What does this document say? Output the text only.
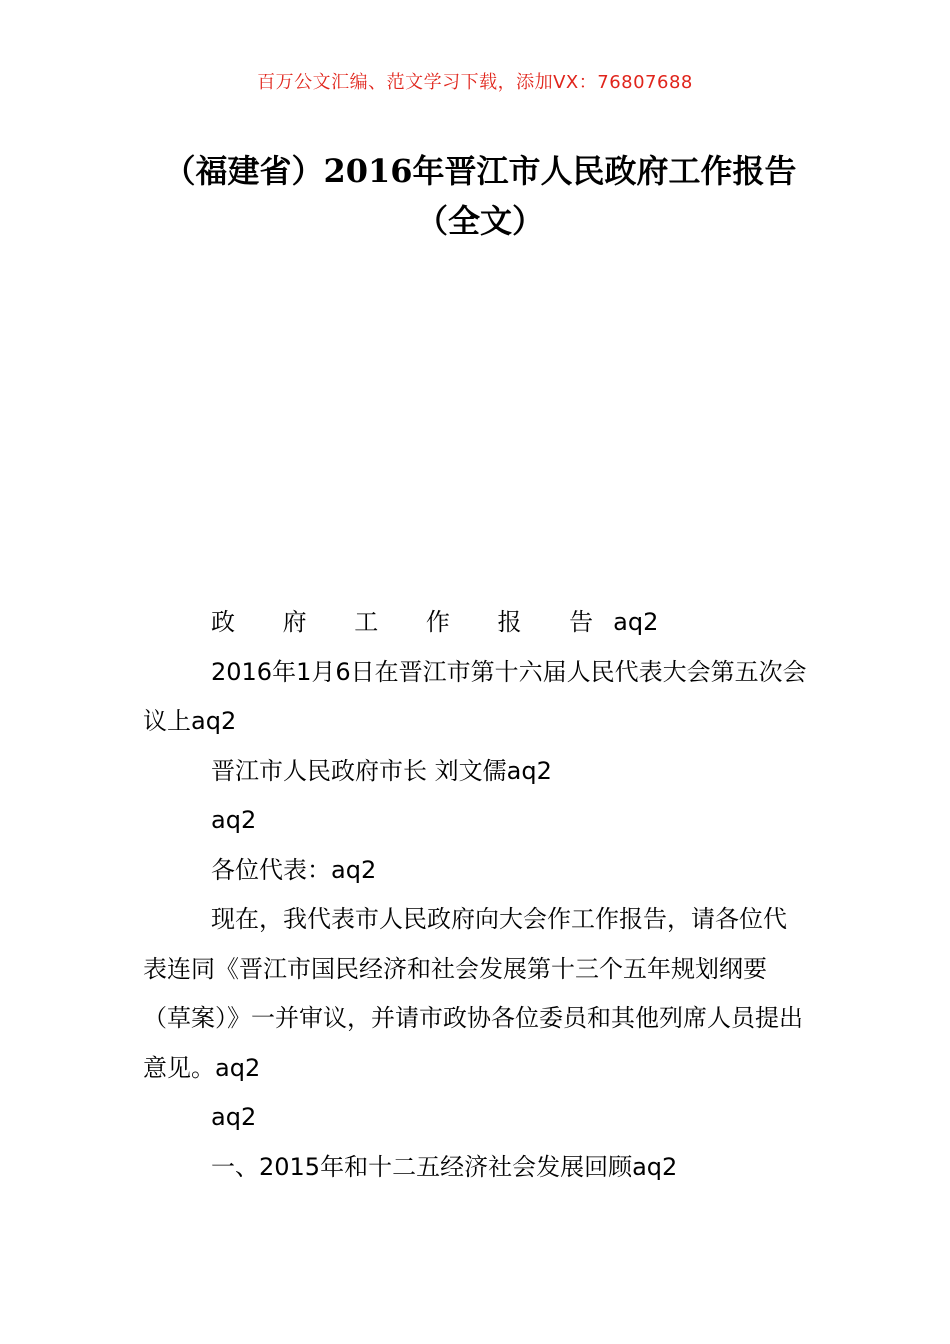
百万公文汇编、范文学习下载，添加VX：76807688
（福建省）2016年晋江市人民政府工作报告（全文）

政 府 工 作 报 告aq2

2016年1月6日在晋江市第十六届人民代表大会第五次会议上aq2

晋江市人民政府市长 刘文儒aq2

aq2

各位代表：aq2

现在，我代表市人民政府向大会作工作报告，请各位代表连同《晋江市国民经济和社会发展第十三个五年规划纲要（草案）》一并审议，并请市政协各位委员和其他列席人员提出意见。aq2

aq2

一、2015年和十二五经济社会发展回顾aq2
